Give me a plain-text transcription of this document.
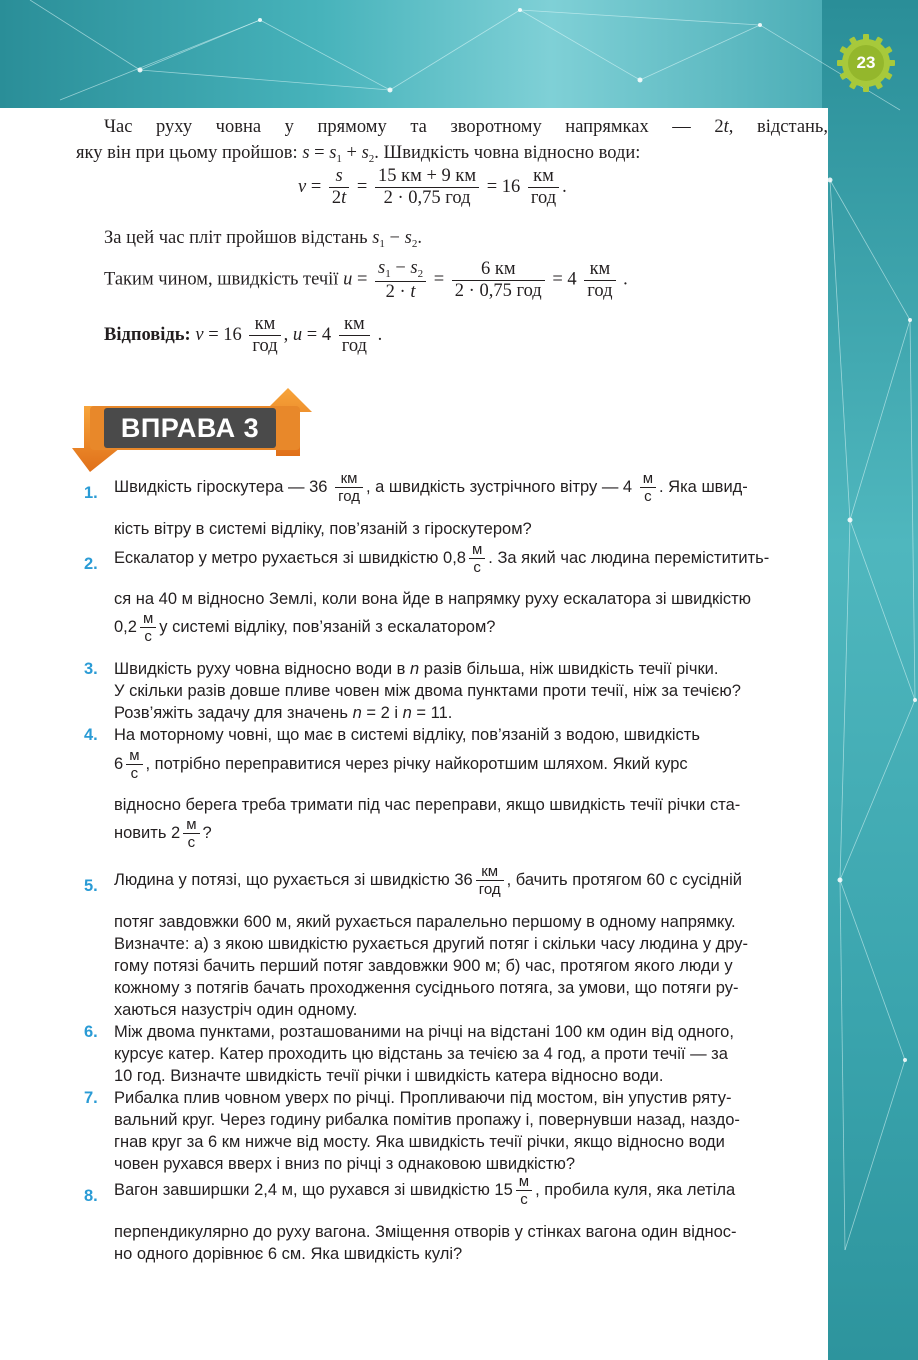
23
Час руху човна у прямому та зворотному напрямках — 2t, відстань,
яку він при цьому пройшов: $s = s_1 + s_2$. Швидкість човна відносно води:
$v = \frac{s}{2t} = \frac{15 км + 9 км}{\text{2 · 0,75 год}} = 16 \frac{км}{\text{год}}$ .
За цей час пліт пройшов відстань $s_1 - s_2$.
Таким чином, швидкість течії $u = \frac{s_1 - s_2}{2 \cdot t} = \frac{6 км}{\text{2 · 0,75 год}} = 4 \frac{км}{\text{год}}$ .
Відповідь: $v = 16 \frac{км}{\text{год}}$ , $u = 4 \frac{км}{\text{год}}$ .
ВПРАВА 3
1. Швидкість гіроскутера — $36 \frac{км}{\text{год}}$ , а швидкість зустрічного вітру — $4 \frac{м}{с}$ . Яка швид-
кість вітру в системі відліку, пов’язаній з гіроскутером?
2. Ескалатор у метро рухається зі швидкістю $0,8 \frac{м}{с}$ . За який час людина переміститить-
ся на 40 м відносно Землі, коли вона йде в напрямку руху ескалатора зі швидкістю
$0,2 \frac{м}{с}$ у системі відліку, пов’язаній з ескалатором?
3. Швидкість руху човна відносно води в n разів більша, ніж швидкість течії річки.
У скільки разів довше пливе човен між двома пунктами проти течії, ніж за течією?
Розв’яжіть задачу для значень n = 2 і n = 11.
4. На моторному човні, що має в системі відліку, пов’язаній з водою, швидкість
$6 \frac{м}{с}$ , потрібно переправитися через річку найкоротшим шляхом. Який курс
відносно берега треба тримати під час переправи, якщо швидкість течії річки ста-
новить $2 \frac{м}{с}$ ?
5. Людина у потязі, що рухається зі швидкістю $36 \frac{км}{\text{год}}$ , бачить протягом 60 с сусідній
потяг завдовжки 600 м, який рухається паралельно першому в одному напрямку.
Визначте: а) з якою швидкістю рухається другий потяг і скільки часу людина у дру-
гому потязі бачить перший потяг завдовжки 900 м; б) час, протягом якого люди у
кожному з потягів бачать проходження сусіднього потяга, за умови, що потяги ру-
хаються назустріч один одному.
6. Між двома пунктами, розташованими на річці на відстані 100 км один від одного,
курсує катер. Катер проходить цю відстань за течією за 4 год, а проти течії — за
10 год. Визначте швидкість течії річки і швидкість катера відносно води.
7. Рибалка плив човном уверх по річці. Пропливаючи під мостом, він упустив ряту-
вальний круг. Через годину рибалка помітив пропажу і, повернувши назад, наздо-
гнав круг за 6 км нижче від мосту. Яка швидкість течії річки, якщо відносно води
човен рухався вверх і вниз по річці з однаковою швидкістю?
8. Вагон завширшки 2,4 м, що рухався зі швидкістю $15 \frac{м}{с}$ , пробила куля, яка летіла
перпендикулярно до руху вагона. Зміщення отворів у стінках вагона один віднос-
но одного дорівнює 6 см. Яка швидкість кулі?
